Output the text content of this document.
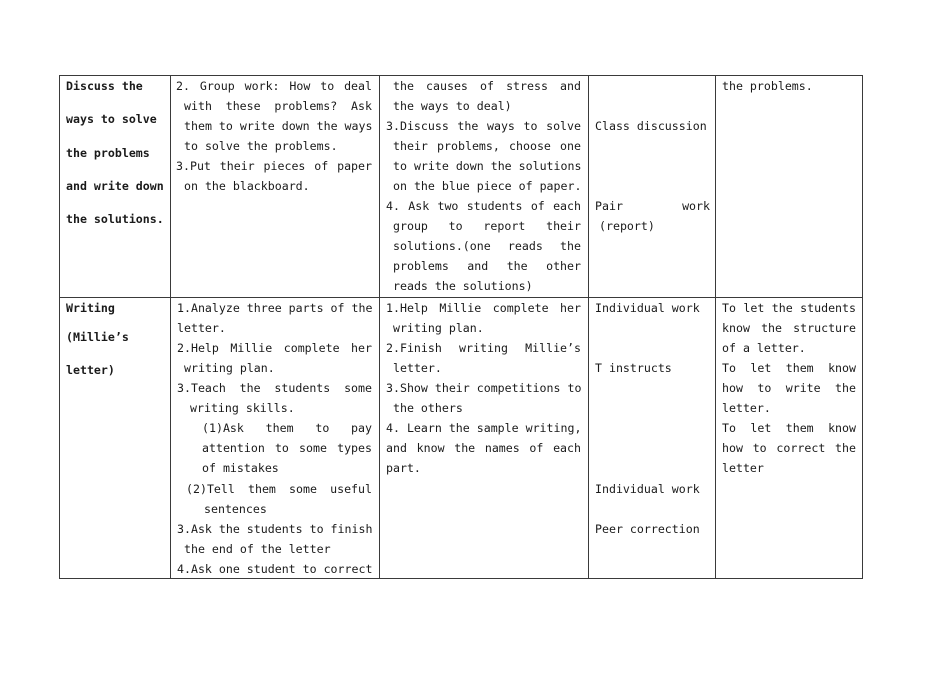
Discuss the
ways to solve
the problems
and write down
the solutions.
2. Group work: How to deal
with these problems? Ask
them to write down the ways
to solve the problems.
3.Put their pieces of paper
on the blackboard.
the causes of stress and
the ways to deal)
3.Discuss the ways to solve
their problems, choose one
to write down the solutions
on the blue piece of paper.
4. Ask two students of each
group to report their
solutions.(one reads the
problems and the other
reads the solutions)
Class discussion
Pair work
(report)
the problems.
Writing
(Millie’s
letter)
1.Analyze three parts of the
letter.
2.Help Millie complete her
writing plan.
3.Teach the students some
writing skills.
(1)Ask them to pay
attention to some types
of mistakes
(2)Tell them some useful
sentences
3.Ask the students to finish
the end of the letter
4.Ask one student to correct
1.Help Millie complete her
writing plan.
2.Finish writing Millie’s
letter.
3.Show their competitions to
the others
4. Learn the sample writing,
and know the names of each
part.
Individual work
T instructs
Individual work
Peer correction
To let the students
know the structure
of a letter.
To let them know
how to write the
letter.
To let them know
how to correct the
letter
